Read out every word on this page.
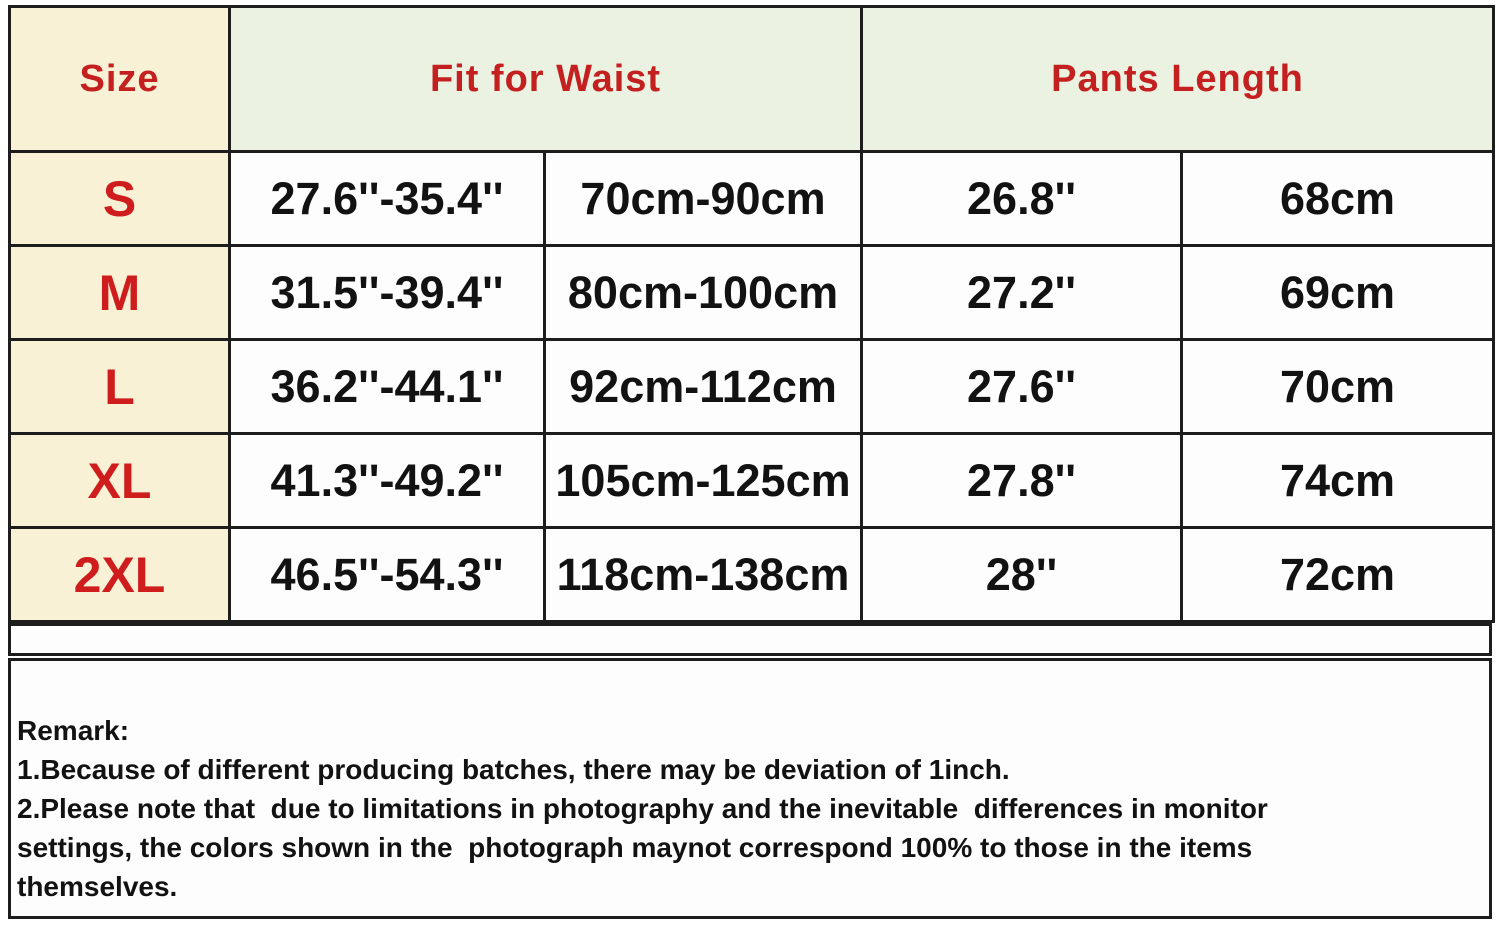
Size	Fit for Waist		Pants Length	
S	27.6''-35.4''	70cm-90cm	26.8''	68cm
M	31.5''-39.4''	80cm-100cm	27.2''	69cm
L	36.2''-44.1''	92cm-112cm	27.6''	70cm
XL	41.3''-49.2''	105cm-125cm	27.8''	74cm
2XL	46.5''-54.3''	118cm-138cm	28''	72cm

Remark:

1.Because of different producing batches, there may be deviation of 1inch.

2.Please note that  due to limitations in photography and the inevitable  differences in monitor

settings, the colors shown in the  photograph maynot correspond 100% to those in the items

themselves.
